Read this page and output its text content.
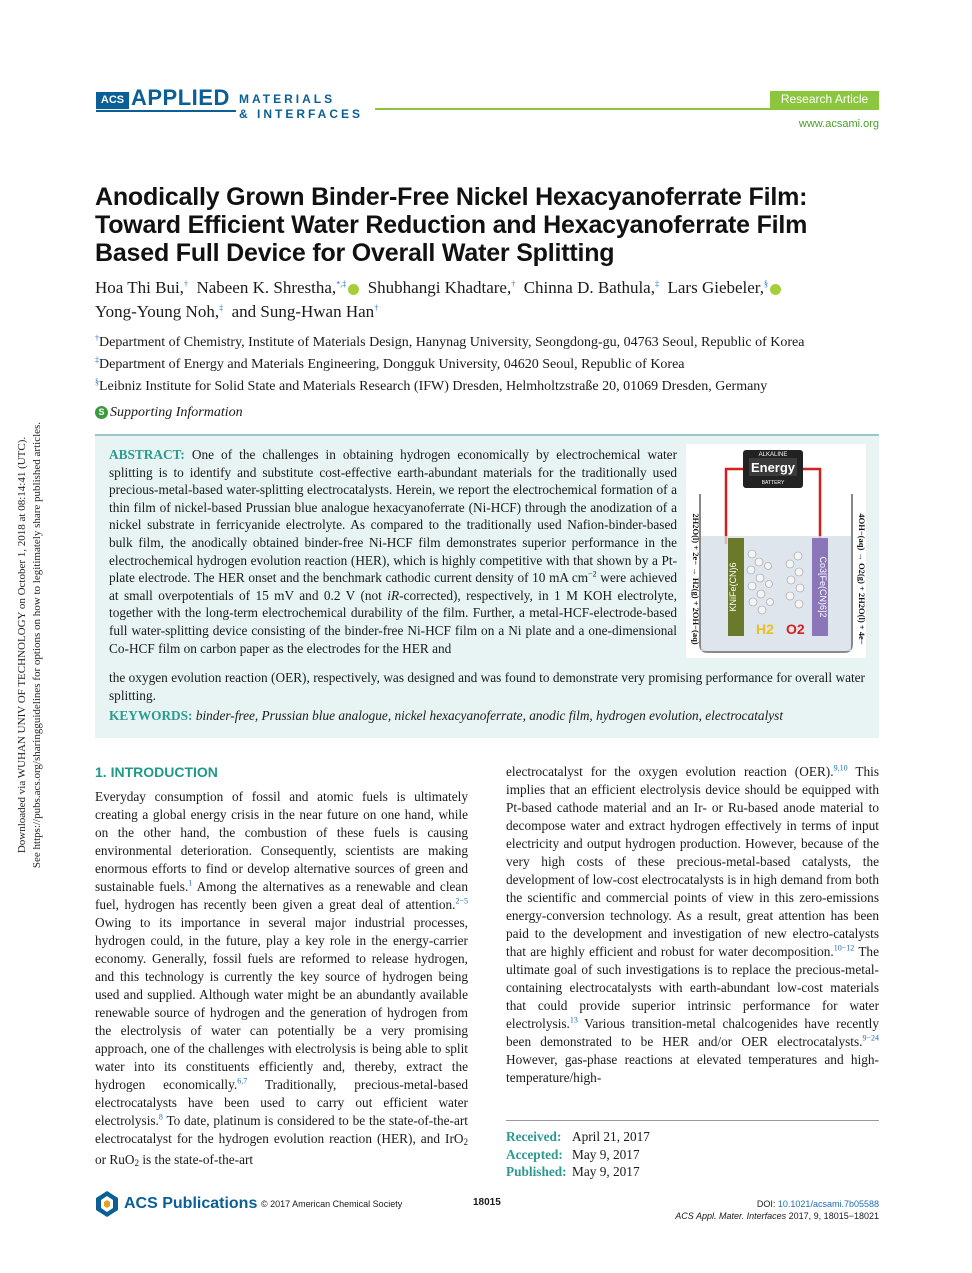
ACS APPLIED MATERIALS
& INTERFACES
Research Article
www.acsami.org
Downloaded via WUHAN UNIV OF TECHNOLOGY on October 1, 2018 at 08:14:41 (UTC). See https://pubs.acs.org/sharingguidelines for options on how to legitimately share published articles.
Anodically Grown Binder-Free Nickel Hexacyanoferrate Film: Toward Efficient Water Reduction and Hexacyanoferrate Film Based Full Device for Overall Water Splitting
Hoa Thi Bui,† Nabeen K. Shrestha,*,‡ Shubhangi Khadtare,† Chinna D. Bathula,‡ Lars Giebeler,§
Yong-Young Noh,‡ and Sung-Hwan Han†
†Department of Chemistry, Institute of Materials Design, Hanynag University, Seongdong-gu, 04763 Seoul, Republic of Korea
‡Department of Energy and Materials Engineering, Dongguk University, 04620 Seoul, Republic of Korea
§Leibniz Institute for Solid State and Materials Research (IFW) Dresden, Helmholtzstraße 20, 01069 Dresden, Germany
S Supporting Information
ABSTRACT: One of the challenges in obtaining hydrogen economically by electrochemical water splitting is to identify and substitute cost-effective earth-abundant materials for the traditionally used precious-metal-based water-splitting electrocatalysts. Herein, we report the electrochemical formation of a thin film of nickel-based Prussian blue analogue hexacyanoferrate (Ni-HCF) through the anodization of a nickel substrate in ferricyanide electrolyte. As compared to the traditionally used Nafion-binder-based bulk film, the anodically obtained binder-free Ni-HCF film demonstrates superior performance in the electrochemical hydrogen evolution reaction (HER), which is highly competitive with that shown by a Pt-plate electrode. The HER onset and the benchmark cathodic current density of 10 mA $cm^{-2}$ were achieved at small overpotentials of 15 mV and 0.2 V (not iR-corrected), respectively, in 1 M KOH electrolyte, together with the long-term electrochemical durability of the film. Further, a metal-HCF-electrode-based full water-splitting device consisting of the binder-free Ni-HCF film on a Ni plate and a one-dimensional Co-HCF film on carbon paper as the electrodes for the HER and
the oxygen evolution reaction (OER), respectively, was designed and was found to demonstrate very promising performance for overall water splitting.
KEYWORDS: binder-free, Prussian blue analogue, nickel hexacyanoferrate, anodic film, hydrogen evolution, electrocatalyst
ALKALINE
Energy
BATTERY
KNiFe(CN)6	Co3[Fe(CN)6]2
H2 O2
2H2O(l) + 2e− → H2(g) + 2OH−(aq)	4OH−(aq) → O2(g) + 2H2O(l) + 4e−
1. INTRODUCTION
Everyday consumption of fossil and atomic fuels is ultimately creating a global energy crisis in the near future on one hand, while on the other hand, the combustion of these fuels is causing environmental deterioration. Consequently, scientists are making enormous efforts to find or develop alternative sources of green and sustainable fuels.$^1$ Among the alternatives as a renewable and clean fuel, hydrogen has recently been given a great deal of attention.$^{2-5}$ Owing to its importance in several major industrial processes, hydrogen could, in the future, play a key role in the energy-carrier economy. Generally, fossil fuels are reformed to release hydrogen, and this technology is currently the key source of hydrogen being used and supplied. Although water might be an abundantly available renewable source of hydrogen and the generation of hydrogen from the electrolysis of water can potentially be a very promising approach, one of the challenges with electrolysis is being able to split water into its constituents efficiently and, thereby, extract the hydrogen economically.$^{6,7}$ Traditionally, precious-metal-based electrocatalysts have been used to carry out efficient water electrolysis.$^8$ To date, platinum is considered to be the state-of-the-art electrocatalyst for the hydrogen evolution reaction (HER), and IrO$_2$ or RuO$_2$ is the state-of-the-art
electrocatalyst for the oxygen evolution reaction (OER).$^{9,10}$ This implies that an efficient electrolysis device should be equipped with Pt-based cathode material and an Ir- or Ru-based anode material to decompose water and extract hydrogen effectively in terms of input electricity and output hydrogen production. However, because of the very high costs of these precious-metal-based catalysts, the development of low-cost electrocatalysts is in high demand from both the scientific and commercial points of view in this zero-emissions energy-conversion technology. As a result, great attention has been paid to the development and investigation of new electro-catalysts that are highly efficient and robust for water decomposition.$^{10-12}$ The ultimate goal of such investigations is to replace the precious-metal-containing electrocatalysts with earth-abundant low-cost materials that could provide superior intrinsic performance for water electrolysis.$^{13}$ Various transition-metal chalcogenides have recently been demonstrated to be HER and/or OER electrocatalysts.$^{9-24}$ However, gas-phase reactions at elevated temperatures and high-temperature/high-
Received: April 21, 2017
Accepted: May 9, 2017
Published: May 9, 2017
ACS Publications © 2017 American Chemical Society	18015	DOI: 10.1021/acsami.7b05588
ACS Appl. Mater. Interfaces 2017, 9, 18015−18021
